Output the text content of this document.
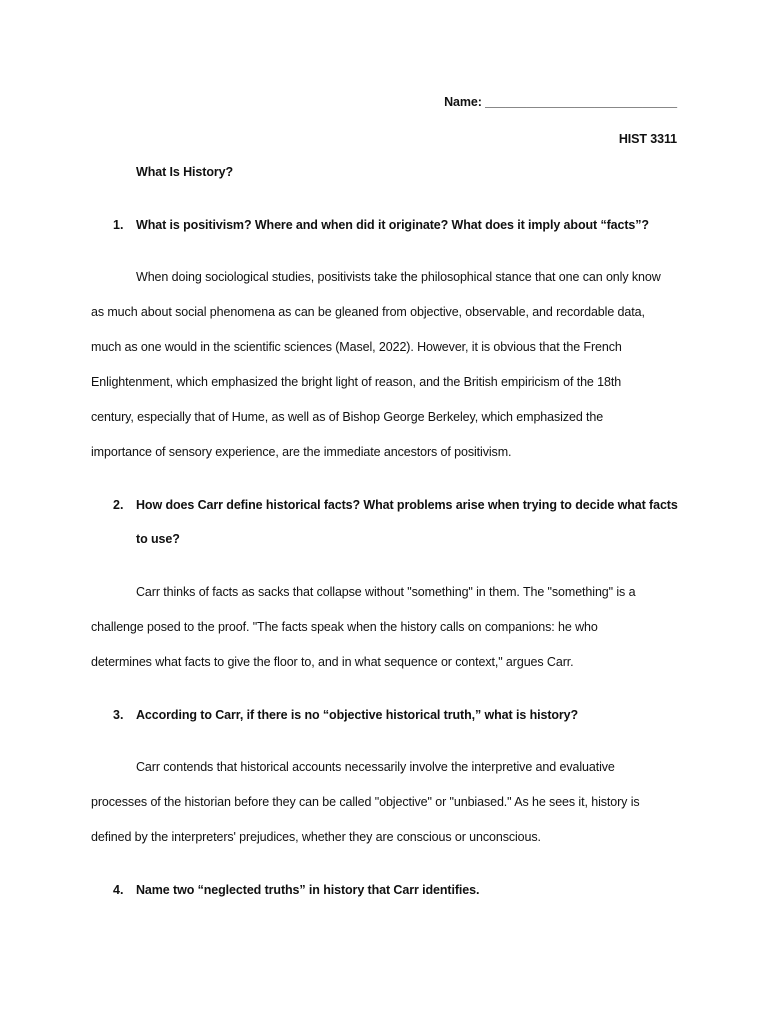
Name: ____________________________
HIST 3311
What Is History?
1. What is positivism? Where and when did it originate? What does it imply about “facts”?
When doing sociological studies, positivists take the philosophical stance that one can only know
as much about social phenomena as can be gleaned from objective, observable, and recordable data,
much as one would in the scientific sciences (Masel, 2022). However, it is obvious that the French
Enlightenment, which emphasized the bright light of reason, and the British empiricism of the 18th
century, especially that of Hume, as well as of Bishop George Berkeley, which emphasized the
importance of sensory experience, are the immediate ancestors of positivism.
2. How does Carr define historical facts? What problems arise when trying to decide what facts
to use?
Carr thinks of facts as sacks that collapse without "something" in them. The "something" is a
challenge posed to the proof. "The facts speak when the history calls on companions: he who
determines what facts to give the floor to, and in what sequence or context," argues Carr.
3. According to Carr, if there is no “objective historical truth,” what is history?
Carr contends that historical accounts necessarily involve the interpretive and evaluative
processes of the historian before they can be called "objective" or "unbiased." As he sees it, history is
defined by the interpreters' prejudices, whether they are conscious or unconscious.
4. Name two “neglected truths” in history that Carr identifies.
